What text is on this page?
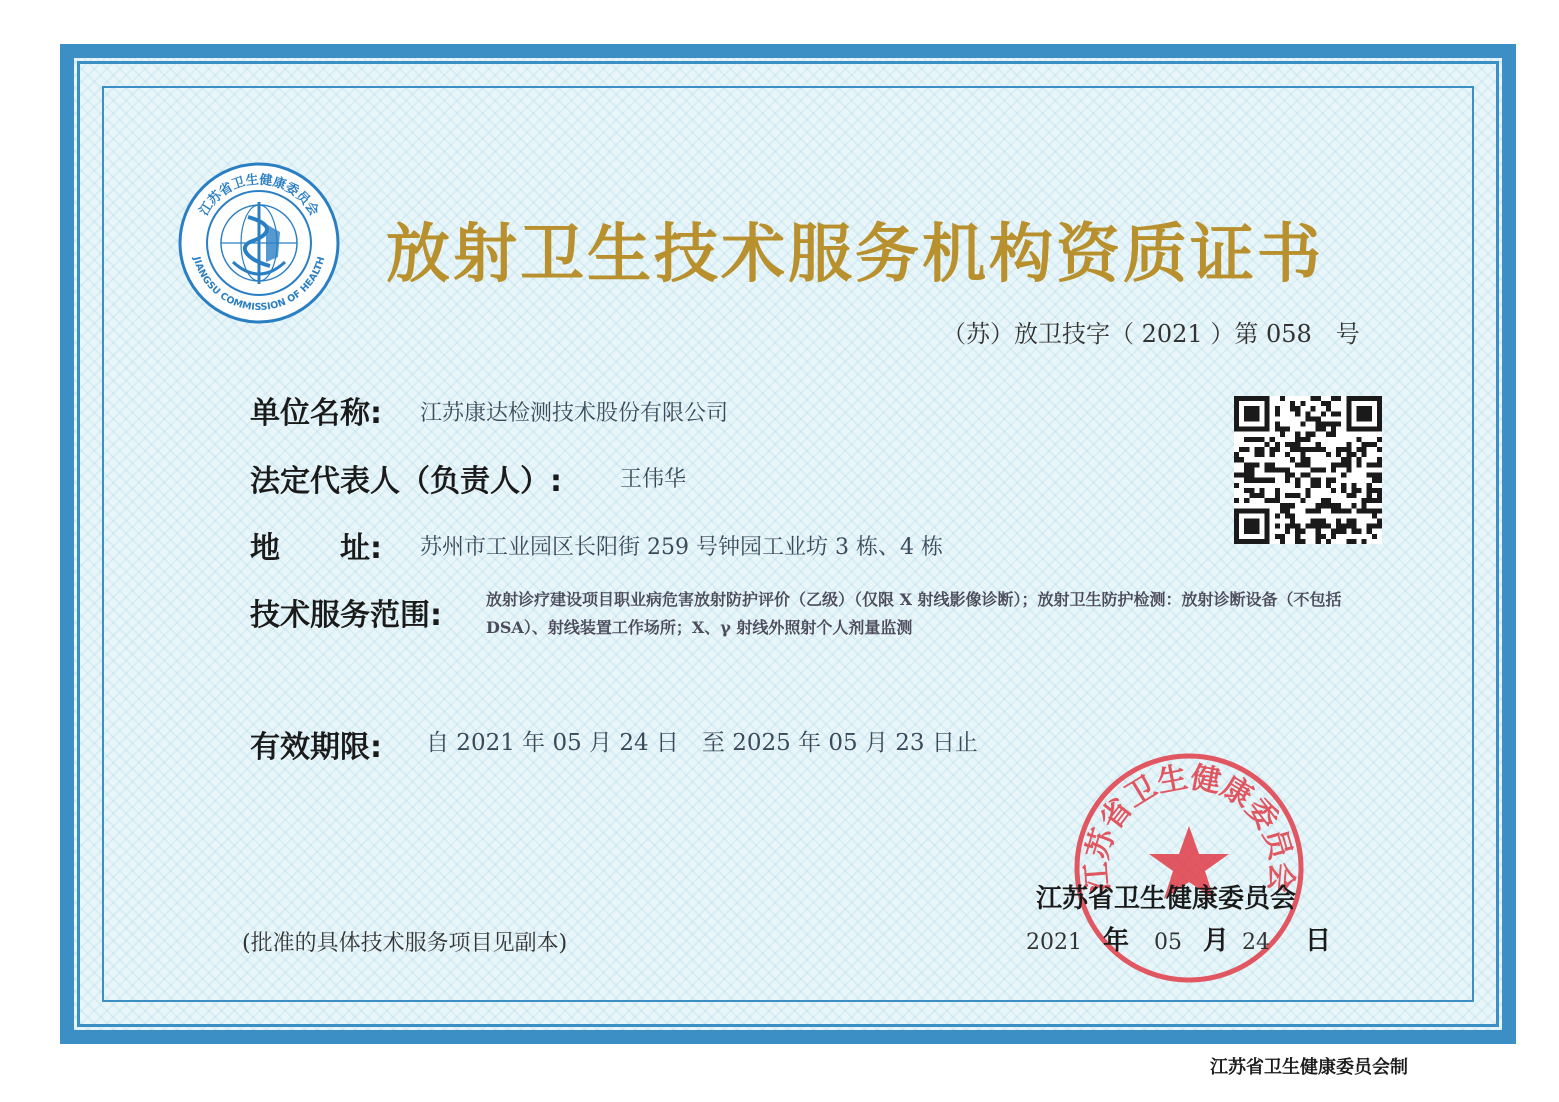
江苏省卫生健康委员会
JIANGSU COMMISSION OF HEALTH 放射卫生技术服务机构资质证书
（苏）放卫技字（ 2021 ）第 058　号
单位名称: 江苏康达检测技术股份有限公司
法定代表人（负责人）:	王伟华
地　　址: 苏州市工业园区长阳街 259 号钟园工业坊 3 栋、4 栋
技术服务范围:	放射诊疗建设项目职业病危害放射防护评价（乙级）（仅限 X 射线影像诊断）；放射卫生防护检测：放射诊断设备（不包括 DSA）、射线装置工作场所；X、γ 射线外照射个人剂量监测
有效期限: 自 2021 年 05 月 24 日　至 2025 年 05 月 23 日止
江苏省卫生健康委员会
(批准的具体技术服务项目见副本)
江苏省卫生健康委员会
2021 年 05 月 24 日
江苏省卫生健康委员会制
